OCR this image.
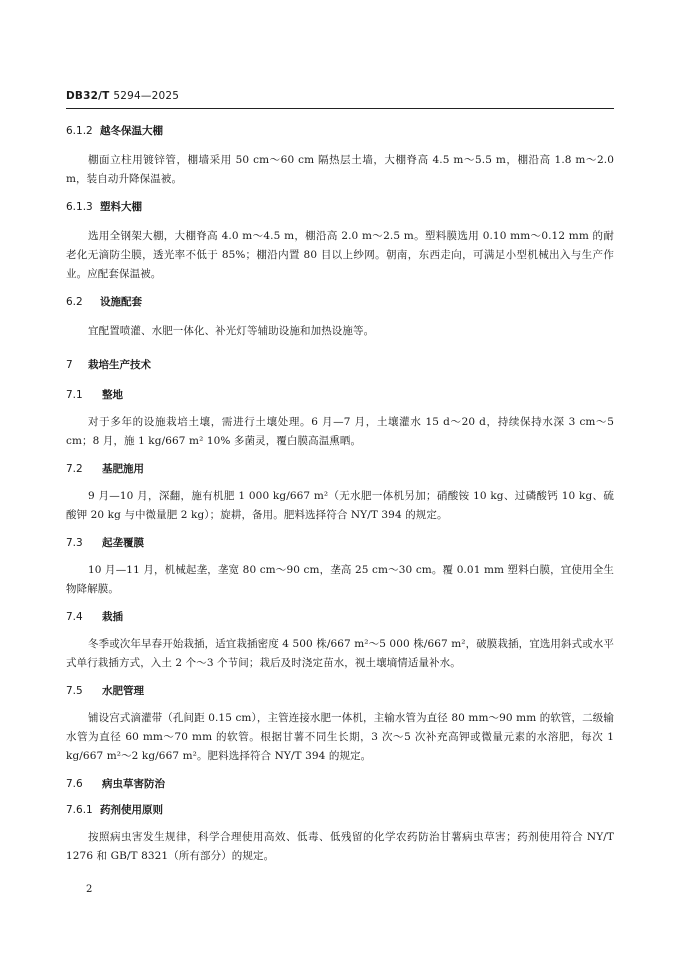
DB32/T 5294—2025

6.1.2 越冬保温大棚

棚面立柱用镀锌管，棚墙采用 50 cm～60 cm 隔热层土墙，大棚脊高 4.5 m～5.5 m，棚沿高 1.8 m～2.0 m，装自动升降保温被。

6.1.3 塑料大棚

选用全钢架大棚，大棚脊高 4.0 m～4.5 m，棚沿高 2.0 m～2.5 m。塑料膜选用 0.10 mm～0.12 mm 的耐老化无滴防尘膜，透光率不低于 85%；棚沿内置 80 目以上纱网。朝南，东西走向，可满足小型机械出入与生产作业。应配套保温被。

6.2 设施配套

宜配置喷灌、水肥一体化、补光灯等辅助设施和加热设施等。

7 栽培生产技术

7.1 整地

对于多年的设施栽培土壤，需进行土壤处理。6 月—7 月，土壤灌水 15 d～20 d，持续保持水深 3 cm～5 cm；8 月，施 1 kg/667 m² 10% 多菌灵，覆白膜高温熏晒。

7.2 基肥施用

9 月—10 月，深翻，施有机肥 1 000 kg/667 m²（无水肥一体机另加；硝酸铵 10 kg、过磷酸钙 10 kg、硫酸钾 20 kg 与中微量肥 2 kg）；旋耕，备用。肥料选择符合 NY/T 394 的规定。

7.3 起垄覆膜

10 月—11 月，机械起垄，垄宽 80 cm～90 cm，垄高 25 cm～30 cm。覆 0.01 mm 塑料白膜，宜使用全生物降解膜。

7.4 栽插

冬季或次年早春开始栽插，适宜栽插密度 4 500 株/667 m²～5 000 株/667 m²，破膜栽插，宜选用斜式或水平式单行栽插方式，入土 2 个～3 个节间；栽后及时浇定苗水，视土壤墒情适量补水。

7.5 水肥管理

铺设宫式滴灌带（孔间距 0.15 cm），主管连接水肥一体机，主输水管为直径 80 mm～90 mm 的软管，二级输水管为直径 60 mm～70 mm 的软管。根据甘薯不同生长期，3 次～5 次补充高钾或微量元素的水溶肥，每次 1 kg/667 m²～2 kg/667 m²。肥料选择符合 NY/T 394 的规定。

7.6 病虫草害防治

7.6.1 药剂使用原则

按照病虫害发生规律，科学合理使用高效、低毒、低残留的化学农药防治甘薯病虫草害；药剂使用符合 NY/T 1276 和 GB/T 8321（所有部分）的规定。

2
